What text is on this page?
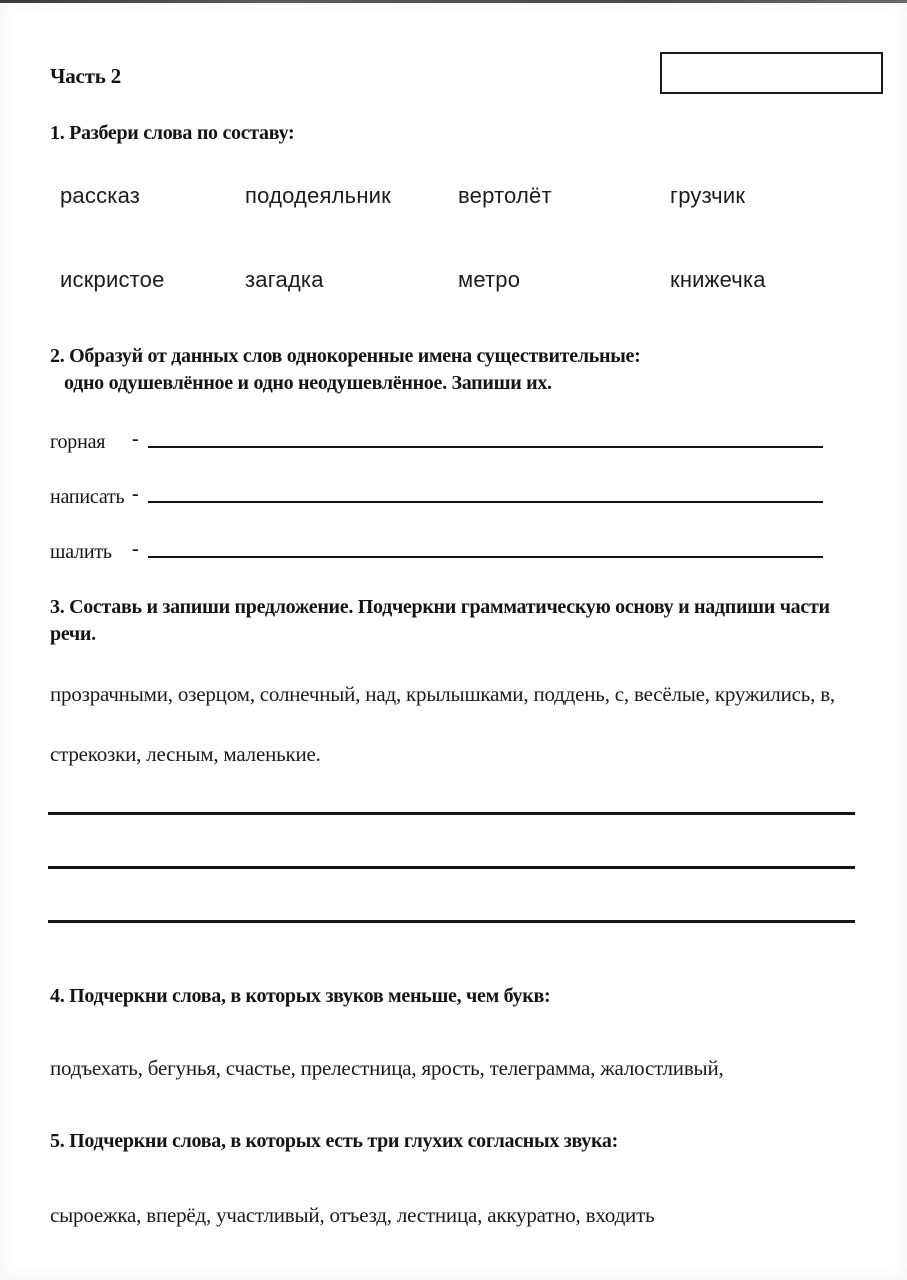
Часть 2
1. Разбери слова по составу:
рассказ	пододеяльник	вертолёт	грузчик
искристое	загадка	метро	книжечка
2. Образуй от данных слов однокоренные имена существительные:
одно одушевлённое и одно неодушевлённое. Запиши их.
горная	-
написать -
шалить	-
3. Составь и запиши предложение. Подчеркни грамматическую основу и надпиши части речи.
прозрачными, озерцом, солнечный, над, крылышками, поддень, с, весёлые, кружились, в,
стрекозки, лесным, маленькие.
4. Подчеркни слова, в которых звуков меньше, чем букв:
подъехать, бегунья, счастье, прелестница, ярость, телеграмма, жалостливый,
5. Подчеркни слова, в которых есть три глухих согласных звука:
сыроежка, вперёд, участливый, отъезд, лестница, аккуратно, входить
